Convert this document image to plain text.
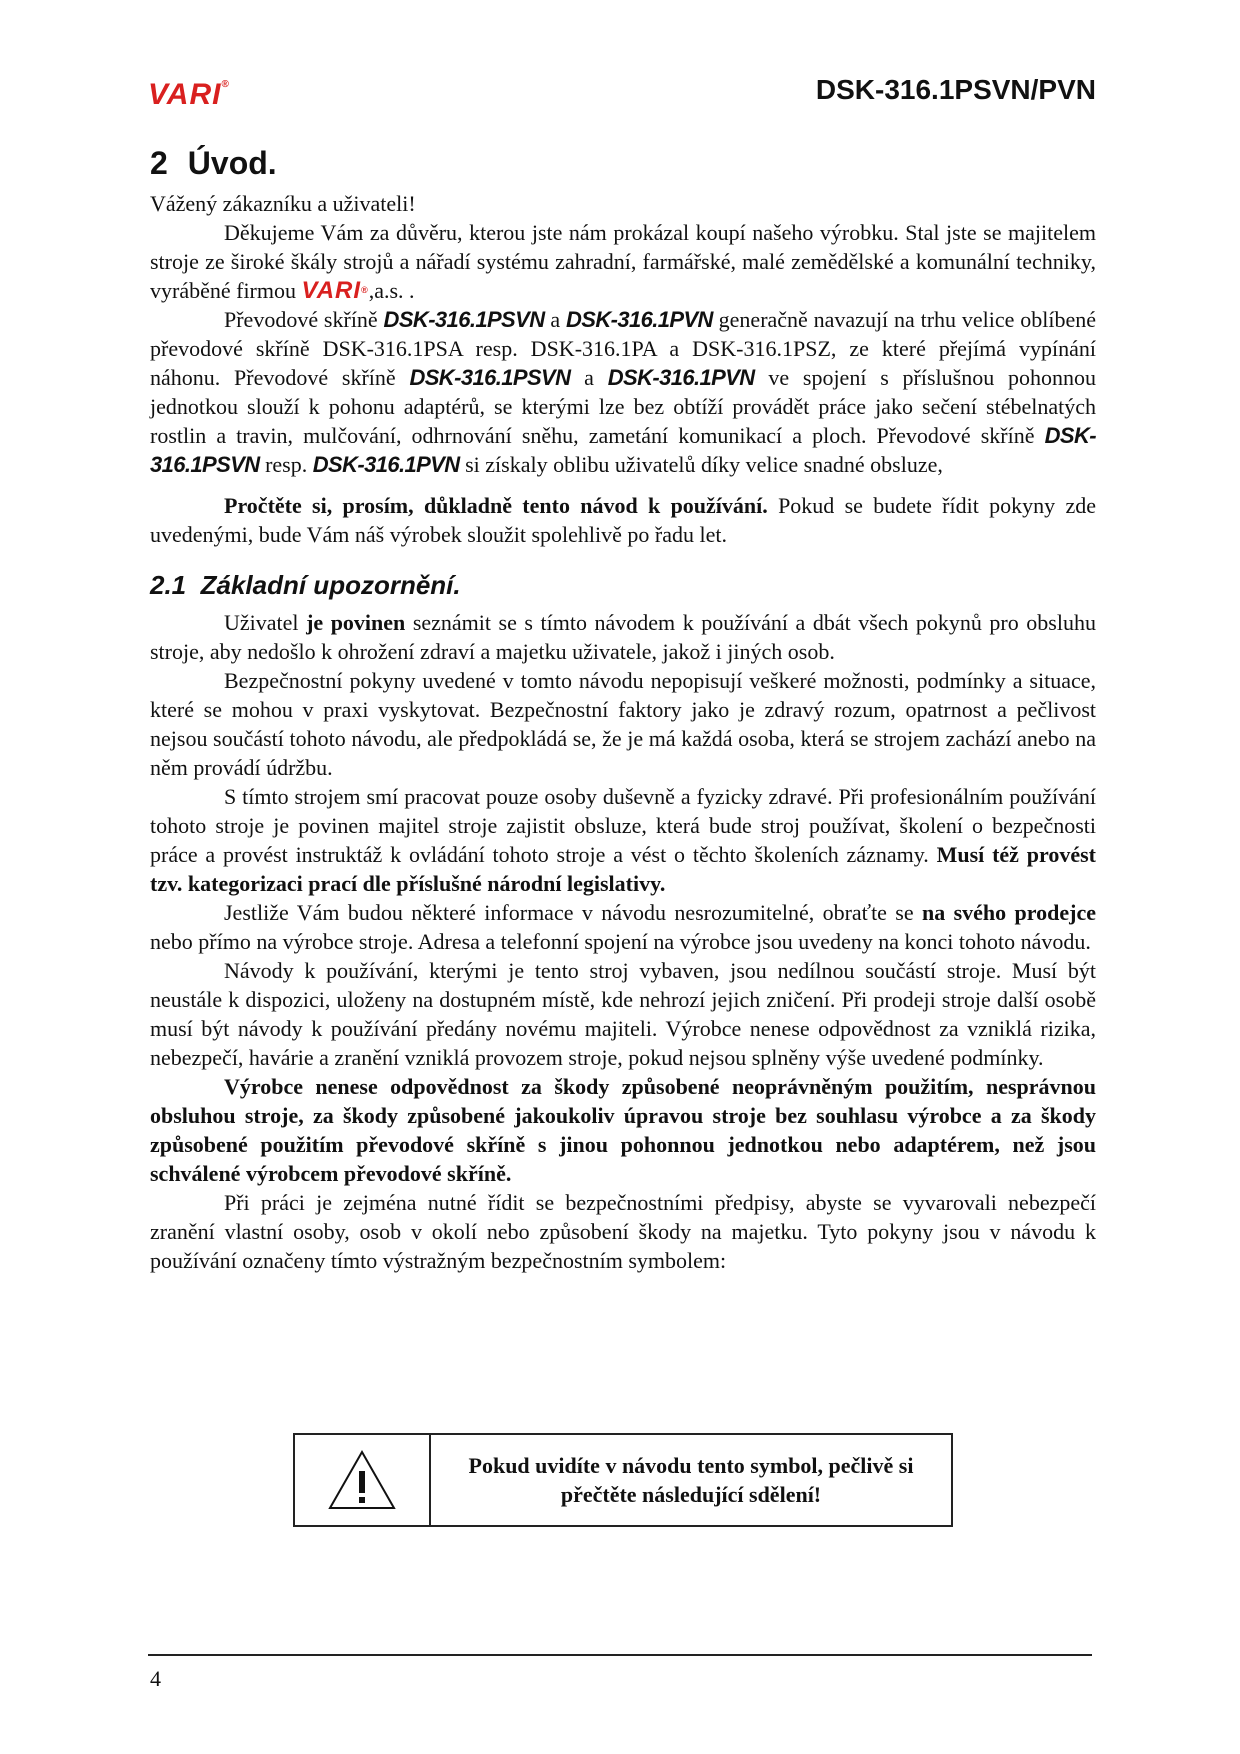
VARI®	DSK-316.1PSVN/PVN
2 Úvod.

Vážený zákazníku a uživateli!

Děkujeme Vám za důvěru, kterou jste nám prokázal koupí našeho výrobku. Stal jste se majitelem stroje ze široké škály strojů a nářadí systému zahradní, farmářské, malé zemědělské a komunální techniky, vyráběné firmou VARI®,a.s. .

Převodové skříně DSK-316.1PSVN a DSK-316.1PVN generačně navazují na trhu velice oblíbené převodové skříně DSK-316.1PSA resp. DSK-316.1PA a DSK-316.1PSZ, ze které přejímá vypínání náhonu. Převodové skříně DSK-316.1PSVN a DSK-316.1PVN ve spojení s příslušnou pohonnou jednotkou slouží k pohonu adaptérů, se kterými lze bez obtíží provádět práce jako sečení stébelnatých rostlin a travin, mulčování, odhrnování sněhu, zametání komunikací a ploch. Převodové skříně DSK-316.1PSVN resp. DSK-316.1PVN si získaly oblibu uživatelů díky velice snadné obsluze,

Pročtěte si, prosím, důkladně tento návod k používání. Pokud se budete řídit pokyny zde uvedenými, bude Vám náš výrobek sloužit spolehlivě po řadu let.

2.1 Základní upozornění.

Uživatel je povinen seznámit se s tímto návodem k používání a dbát všech pokynů pro obsluhu stroje, aby nedošlo k ohrožení zdraví a majetku uživatele, jakož i jiných osob.

Bezpečnostní pokyny uvedené v tomto návodu nepopisují veškeré možnosti, podmínky a situace, které se mohou v praxi vyskytovat. Bezpečnostní faktory jako je zdravý rozum, opatrnost a pečlivost nejsou součástí tohoto návodu, ale předpokládá se, že je má každá osoba, která se strojem zachází anebo na něm provádí údržbu.

S tímto strojem smí pracovat pouze osoby duševně a fyzicky zdravé. Při profesionálním používání tohoto stroje je povinen majitel stroje zajistit obsluze, která bude stroj používat, školení o bezpečnosti práce a provést instruktáž k ovládání tohoto stroje a vést o těchto školeních záznamy. Musí též provést tzv. kategorizaci prací dle příslušné národní legislativy.

Jestliže Vám budou některé informace v návodu nesrozumitelné, obraťte se na svého prodejce nebo přímo na výrobce stroje. Adresa a telefonní spojení na výrobce jsou uvedeny na konci tohoto návodu.

Návody k používání, kterými je tento stroj vybaven, jsou nedílnou součástí stroje. Musí být neustále k dispozici, uloženy na dostupném místě, kde nehrozí jejich zničení. Při prodeji stroje další osobě musí být návody k používání předány novému majiteli. Výrobce nenese odpovědnost za vzniklá rizika, nebezpečí, havárie a zranění vzniklá provozem stroje, pokud nejsou splněny výše uvedené podmínky.

Výrobce nenese odpovědnost za škody způsobené neoprávněným použitím, nesprávnou obsluhou stroje, za škody způsobené jakoukoliv úpravou stroje bez souhlasu výrobce a za škody způsobené použitím převodové skříně s jinou pohonnou jednotkou nebo adaptérem, než jsou schválené výrobcem převodové skříně.

Při práci je zejména nutné řídit se bezpečnostními předpisy, abyste se vyvarovali nebezpečí zranění vlastní osoby, osob v okolí nebo způsobení škody na majetku. Tyto pokyny jsou v návodu k používání označeny tímto výstražným bezpečnostním symbolem:

Pokud uvidíte v návodu tento symbol, pečlivě si přečtěte následující sdělení!
4
